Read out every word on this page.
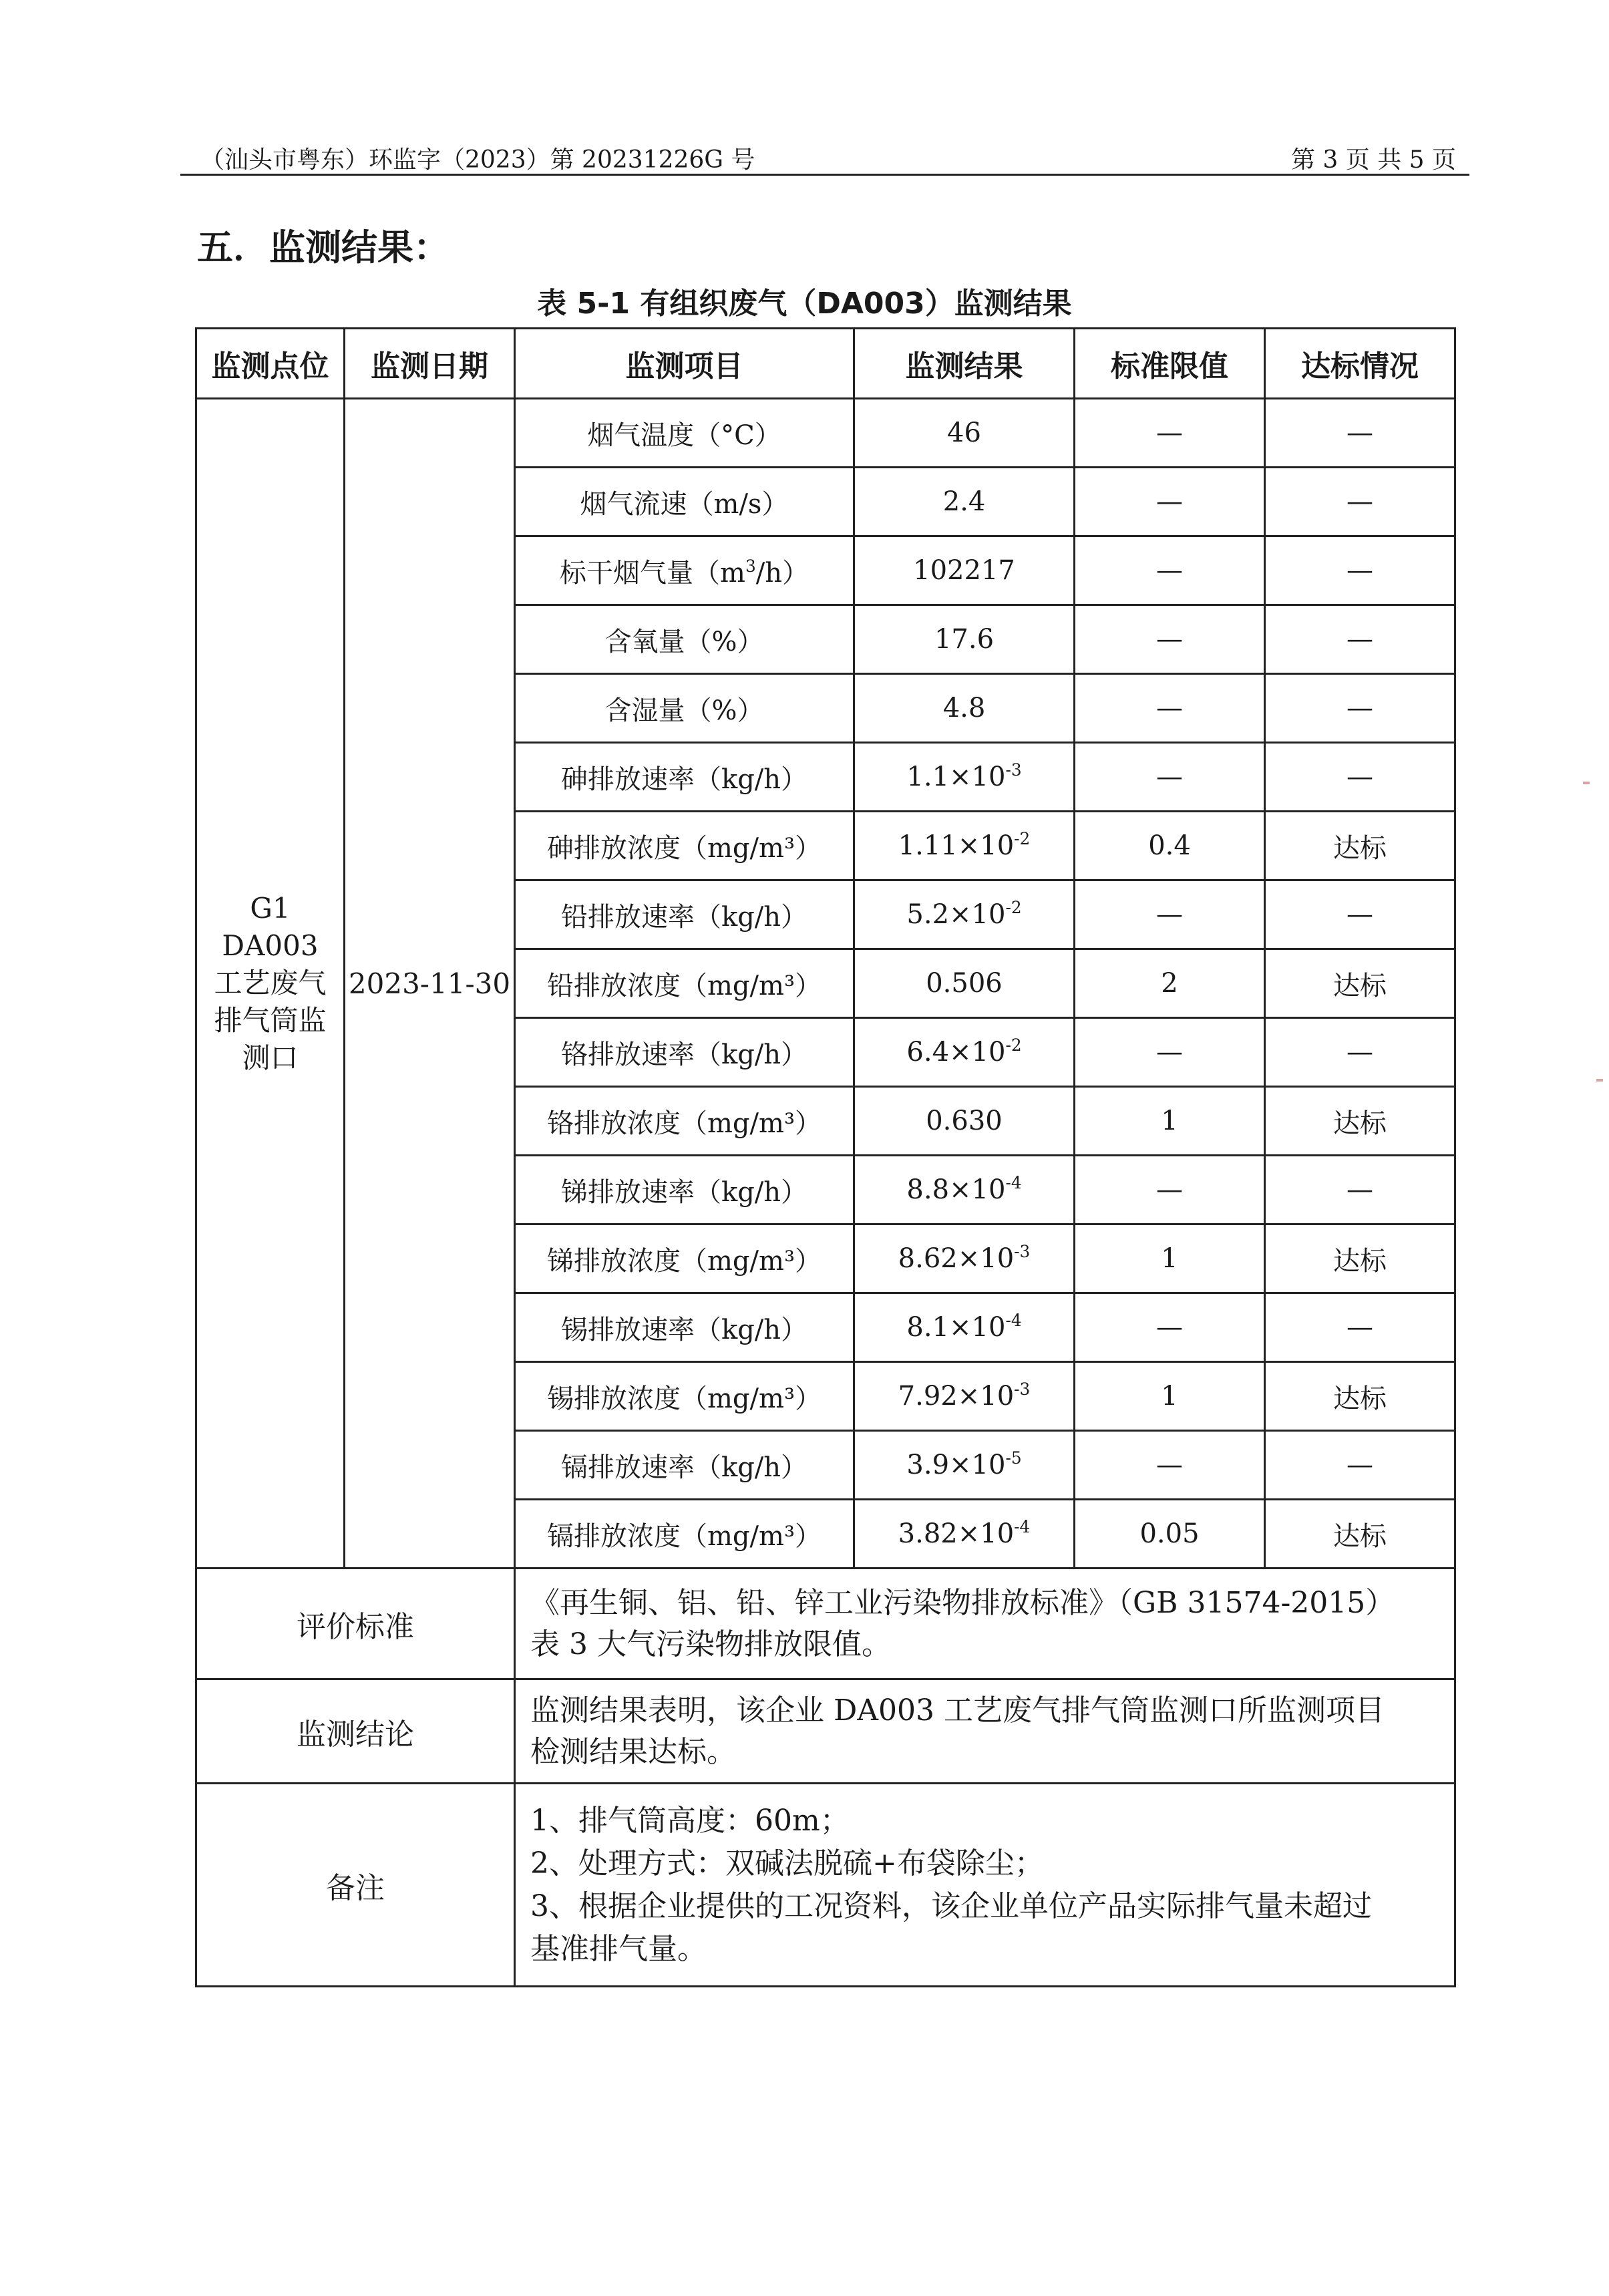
（汕头市粤东）环监字（2023）第 20231226G 号	第 3 页 共 5 页
五．监测结果：
表 5-1 有组织废气（DA003）监测结果
监测点位	监测日期	监测项目	监测结果	标准限值	达标情况

G1
DA003
工艺废气
排气筒监
测口	2023-11-30	烟气温度（°C）	46	—	—
		烟气流速（m/s）	2.4	—	—
		标干烟气量$(m^3/h)$	102217	—	—
		含氧量（%）	17.6	—	—
		含湿量（%）	4.8	—	—
		砷排放速率（kg/h）	$1.1\times 10^{-3}$	—	—
		砷排放浓度（mg/m³）	$1.11\times 10^{-2}$	0.4	达标
		铅排放速率（kg/h）	$5.2\times 10^{-2}$	—	—
		铅排放浓度（mg/m³）	0.506	2	达标
		铬排放速率（kg/h）	$6.4\times 10^{-2}$	—	—
		铬排放浓度（mg/m³）	0.630	1	达标
		锑排放速率（kg/h）	$8.8\times 10^{-4}$	—	—
		锑排放浓度（mg/m³）	$8.62\times 10^{-3}$	1	达标
		锡排放速率（kg/h）	$8.1\times 10^{-4}$	—	—
		锡排放浓度（mg/m³）	$7.92\times 10^{-3}$	1	达标
		镉排放速率（kg/h）	$3.9\times 10^{-5}$	—	—
		镉排放浓度（mg/m³）	$3.82\times 10^{-4}$	0.05	达标
评价标准		《再生铜、铝、铅、锌工业污染物排放标准》（GB 31574-2015）
表 3 大气污染物排放限值。			

监测结论		监测结果表明，该企业 DA003 工艺废气排气筒监测口所监测项目
检测结果达标。			

备注		1、排气筒高度：60m；
2、处理方式：双碱法脱硫+布袋除尘；
3、根据企业提供的工况资料，该企业单位产品实际排气量未超过
基准排气量。			
